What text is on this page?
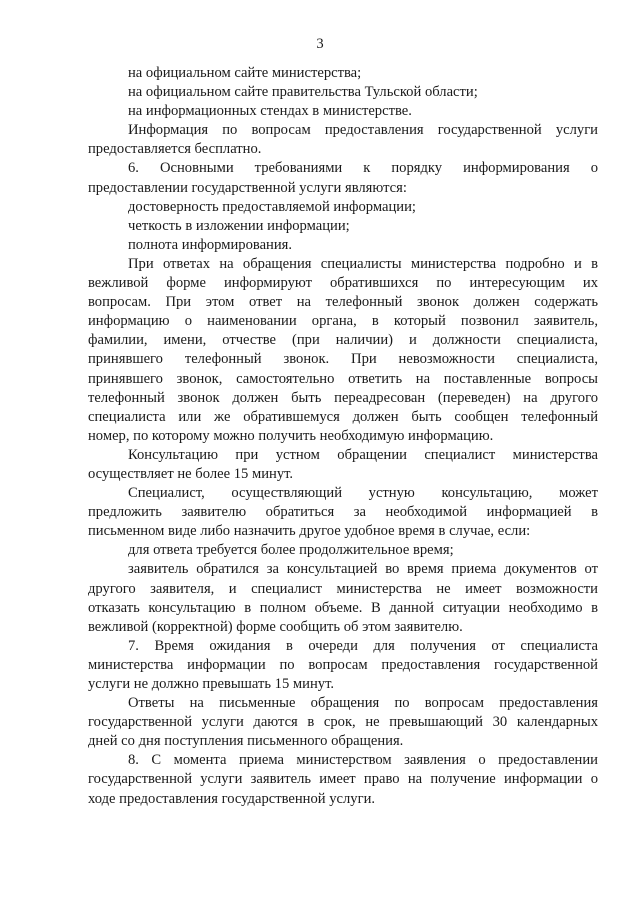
3
на официальном сайте министерства;
на официальном сайте правительства Тульской области;
на информационных стендах в министерстве.
Информация по вопросам предоставления государственной услуги
предоставляется бесплатно.
6. Основными требованиями к порядку информирования о
предоставлении государственной услуги являются:
достоверность предоставляемой информации;
четкость в изложении информации;
полнота информирования.
При ответах на обращения специалисты министерства подробно и в
вежливой форме информируют обратившихся по интересующим их
вопросам. При этом ответ на телефонный звонок должен содержать
информацию о наименовании органа, в который позвонил заявитель,
фамилии, имени, отчестве (при наличии) и должности специалиста,
принявшего телефонный звонок. При невозможности специалиста,
принявшего звонок, самостоятельно ответить на поставленные вопросы
телефонный звонок должен быть переадресован (переведен) на другого
специалиста или же обратившемуся должен быть сообщен телефонный
номер, по которому можно получить необходимую информацию.
Консультацию при устном обращении специалист министерства
осуществляет не более 15 минут.
Специалист, осуществляющий устную консультацию, может
предложить заявителю обратиться за необходимой информацией в
письменном виде либо назначить другое удобное время в случае, если:
для ответа требуется более продолжительное время;
заявитель обратился за консультацией во время приема документов от
другого заявителя, и специалист министерства не имеет возможности
отказать консультацию в полном объеме. В данной ситуации необходимо в
вежливой (корректной) форме сообщить об этом заявителю.
7. Время ожидания в очереди для получения от специалиста
министерства информации по вопросам предоставления государственной
услуги не должно превышать 15 минут.
Ответы на письменные обращения по вопросам предоставления
государственной услуги даются в срок, не превышающий 30 календарных
дней со дня поступления письменного обращения.
8. С момента приема министерством заявления о предоставлении
государственной услуги заявитель имеет право на получение информации о
ходе предоставления государственной услуги.
